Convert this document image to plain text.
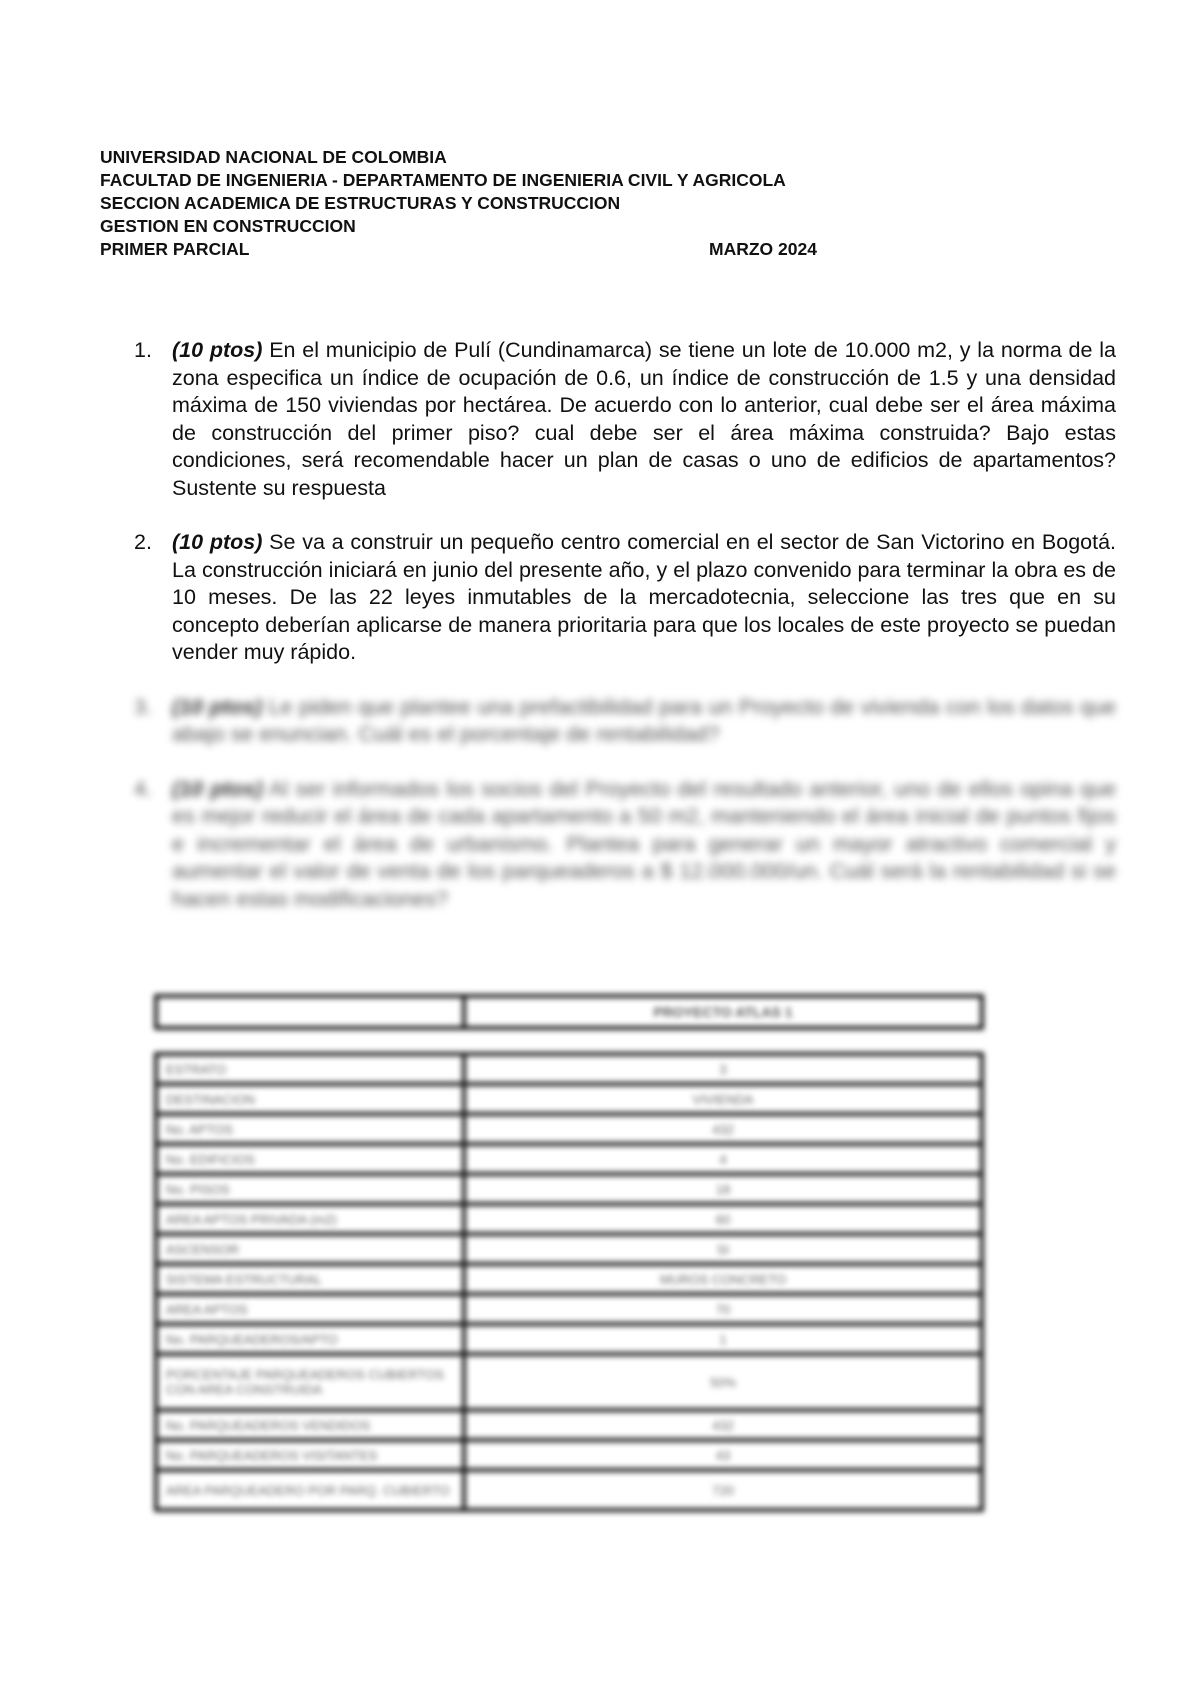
UNIVERSIDAD NACIONAL DE COLOMBIA
FACULTAD DE INGENIERIA - DEPARTAMENTO DE INGENIERIA CIVIL Y AGRICOLA
SECCION ACADEMICA DE ESTRUCTURAS Y CONSTRUCCION
GESTION EN CONSTRUCCION
PRIMER PARCIAL	MARZO 2024
1. (10 ptos) En el municipio de Pulí (Cundinamarca) se tiene un lote de 10.000 m2, y la norma de la zona especifica un índice de ocupación de 0.6, un índice de construcción de 1.5 y una densidad máxima de 150 viviendas por hectárea. De acuerdo con lo anterior, cual debe ser el área máxima de construcción del primer piso? cual debe ser el área máxima construida? Bajo estas condiciones, será recomendable hacer un plan de casas o uno de edificios de apartamentos? Sustente su respuesta
2. (10 ptos) Se va a construir un pequeño centro comercial en el sector de San Victorino en Bogotá. La construcción iniciará en junio del presente año, y el plazo convenido para terminar la obra es de 10 meses. De las 22 leyes inmutables de la mercadotecnia, seleccione las tres que en su concepto deberían aplicarse de manera prioritaria para que los locales de este proyecto se puedan vender muy rápido.
3. (10 ptos) Le piden que plantee una prefactibilidad para un Proyecto de vivienda con los datos que abajo se enuncian. Cuál es el porcentaje de rentabilidad?
4. (10 ptos) Al ser informados los socios del Proyecto del resultado anterior, uno de ellos opina que es mejor reducir el área de cada apartamento a 50 m2, manteniendo el área inicial de puntos fijos e incrementar el área de urbanismo. Plantea para generar un mayor atractivo comercial y aumentar el valor de venta de los parqueaderos a $ 12.000.000/un. Cuál será la rentabilidad si se hacen estas modificaciones?
	PROYECTO ATLAS 1
ESTRATO	3
DESTINACION	VIVIENDA
No. APTOS	432
No. EDIFICIOS	4
No. PISOS	18
AREA APTOS PRIVADA (m2)	60
ASCENSOR	SI
SISTEMA ESTRUCTURAL	MUROS CONCRETO
AREA APTOS	70
No. PARQUEADEROS/APTO	1
PORCENTAJE PARQUEADEROS CUBIERTOS CON AREA CONSTRUIDA	50%
No. PARQUEADEROS VENDIDOS	432
No. PARQUEADEROS VISITANTES	43
AREA PARQUEADERO POR PARQ. CUBIERTO	720
